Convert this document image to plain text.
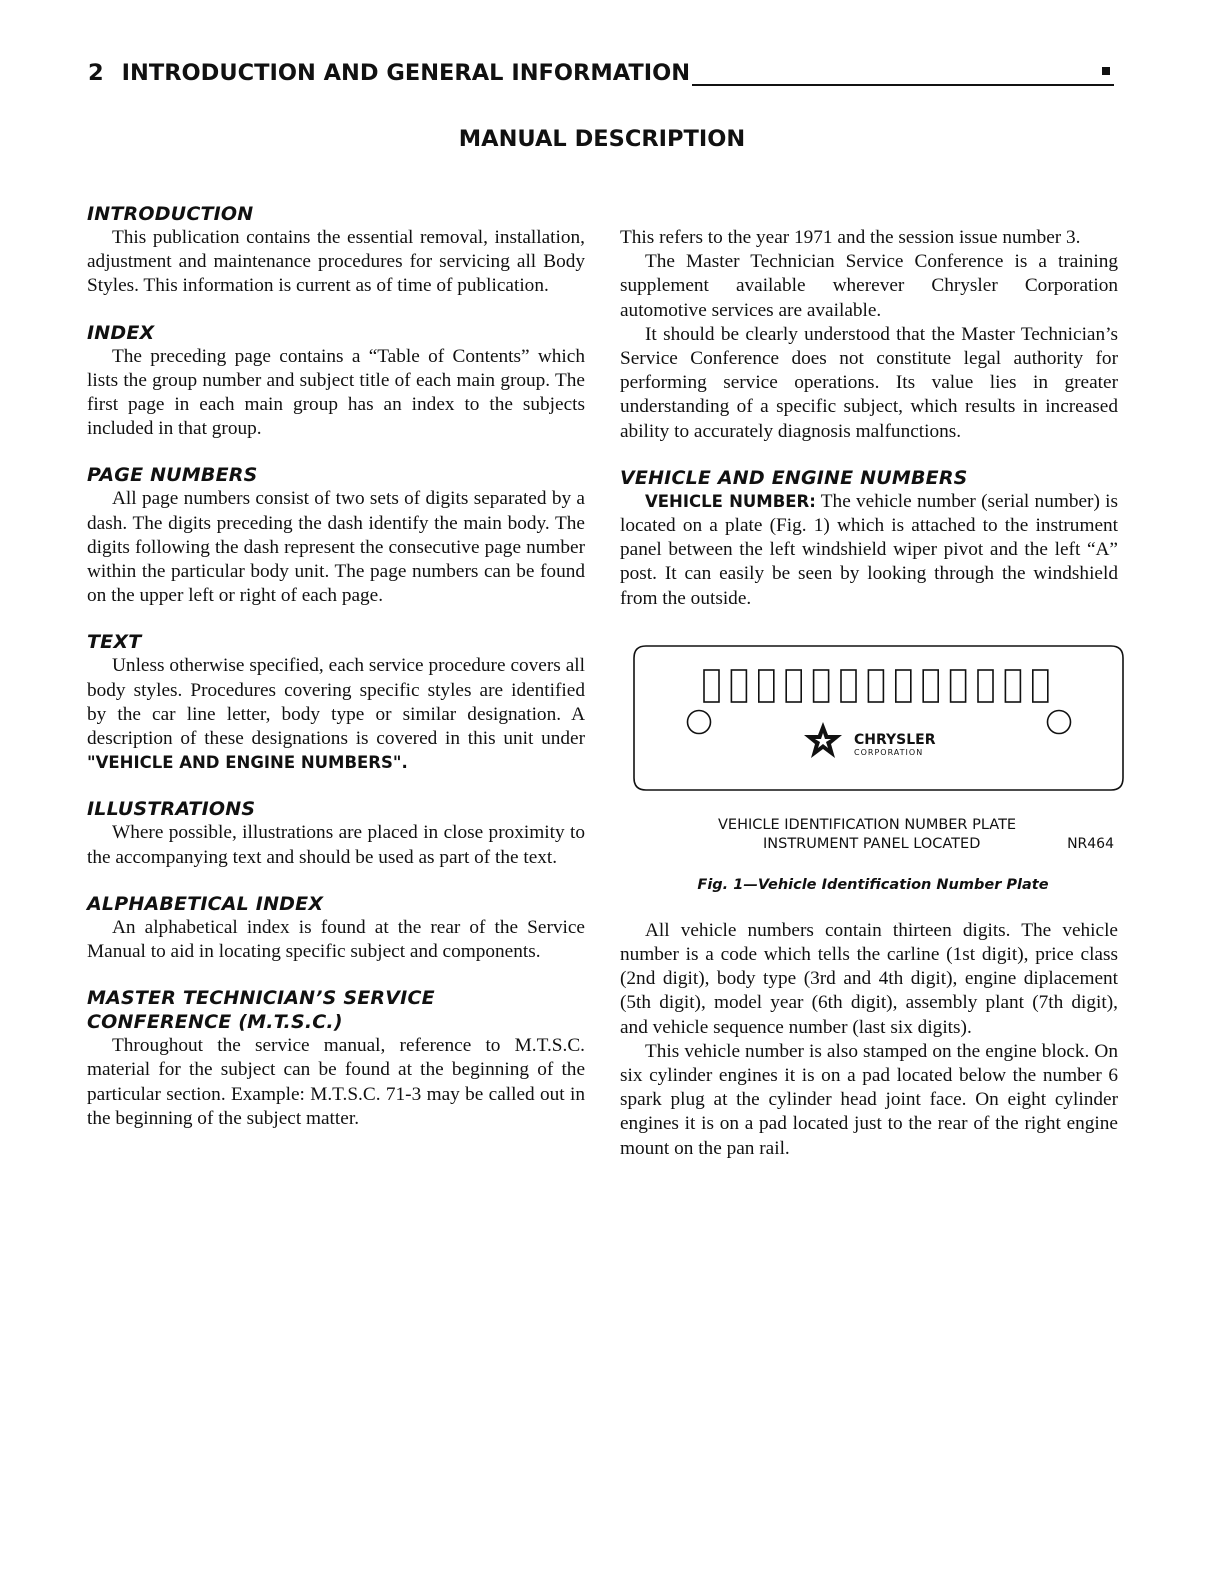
2 INTRODUCTION AND GENERAL INFORMATION
MANUAL DESCRIPTION
INTRODUCTION

This publication contains the essential removal, installation, adjustment and maintenance procedures for servicing all Body Styles. This information is current as of time of publication.

INDEX

The preceding page contains a “Table of Contents” which lists the group number and subject title of each main group. The first page in each main group has an index to the subjects included in that group.

PAGE NUMBERS

All page numbers consist of two sets of digits separated by a dash. The digits preceding the dash identify the main body. The digits following the dash represent the consecutive page number within the particular body unit. The page numbers can be found on the upper left or right of each page.

TEXT

Unless otherwise specified, each service procedure covers all body styles. Procedures covering specific styles are identified by the car line letter, body type or similar designation. A description of these designations is covered in this unit under "VEHICLE AND ENGINE NUMBERS".

ILLUSTRATIONS

Where possible, illustrations are placed in close proximity to the accompanying text and should be used as part of the text.

ALPHABETICAL INDEX

An alphabetical index is found at the rear of the Service Manual to aid in locating specific subject and components.

MASTER TECHNICIAN’S SERVICE
CONFERENCE (M.T.S.C.)

Throughout the service manual, reference to M.T.S.C. material for the subject can be found at the beginning of the particular section. Example: M.T.S.C. 71-3 may be called out in the beginning of the subject matter.

This refers to the year 1971 and the session issue number 3.

The Master Technician Service Conference is a training supplement available wherever Chrysler Corporation automotive services are available.

It should be clearly understood that the Master Technician’s Service Conference does not constitute legal authority for performing service operations. Its value lies in greater understanding of a specific subject, which results in increased ability to accurately diagnosis malfunctions.

VEHICLE AND ENGINE NUMBERS

VEHICLE NUMBER: The vehicle number (serial number) is located on a plate (Fig. 1) which is attached to the instrument panel between the left windshield wiper pivot and the left “A” post. It can easily be seen by looking through the windshield from the outside.

CHRYSLER
CORPORATION
VEHICLE IDENTIFICATION NUMBER PLATE
INSTRUMENT PANEL LOCATED	NR464
Fig. 1—Vehicle Identification Number Plate

All vehicle numbers contain thirteen digits. The vehicle number is a code which tells the carline (1st digit), price class (2nd digit), body type (3rd and 4th digit), engine diplacement (5th digit), model year (6th digit), assembly plant (7th digit), and vehicle sequence number (last six digits).

This vehicle number is also stamped on the engine block. On six cylinder engines it is on a pad located below the number 6 spark plug at the cylinder head joint face. On eight cylinder engines it is on a pad located just to the rear of the right engine mount on the pan rail.
